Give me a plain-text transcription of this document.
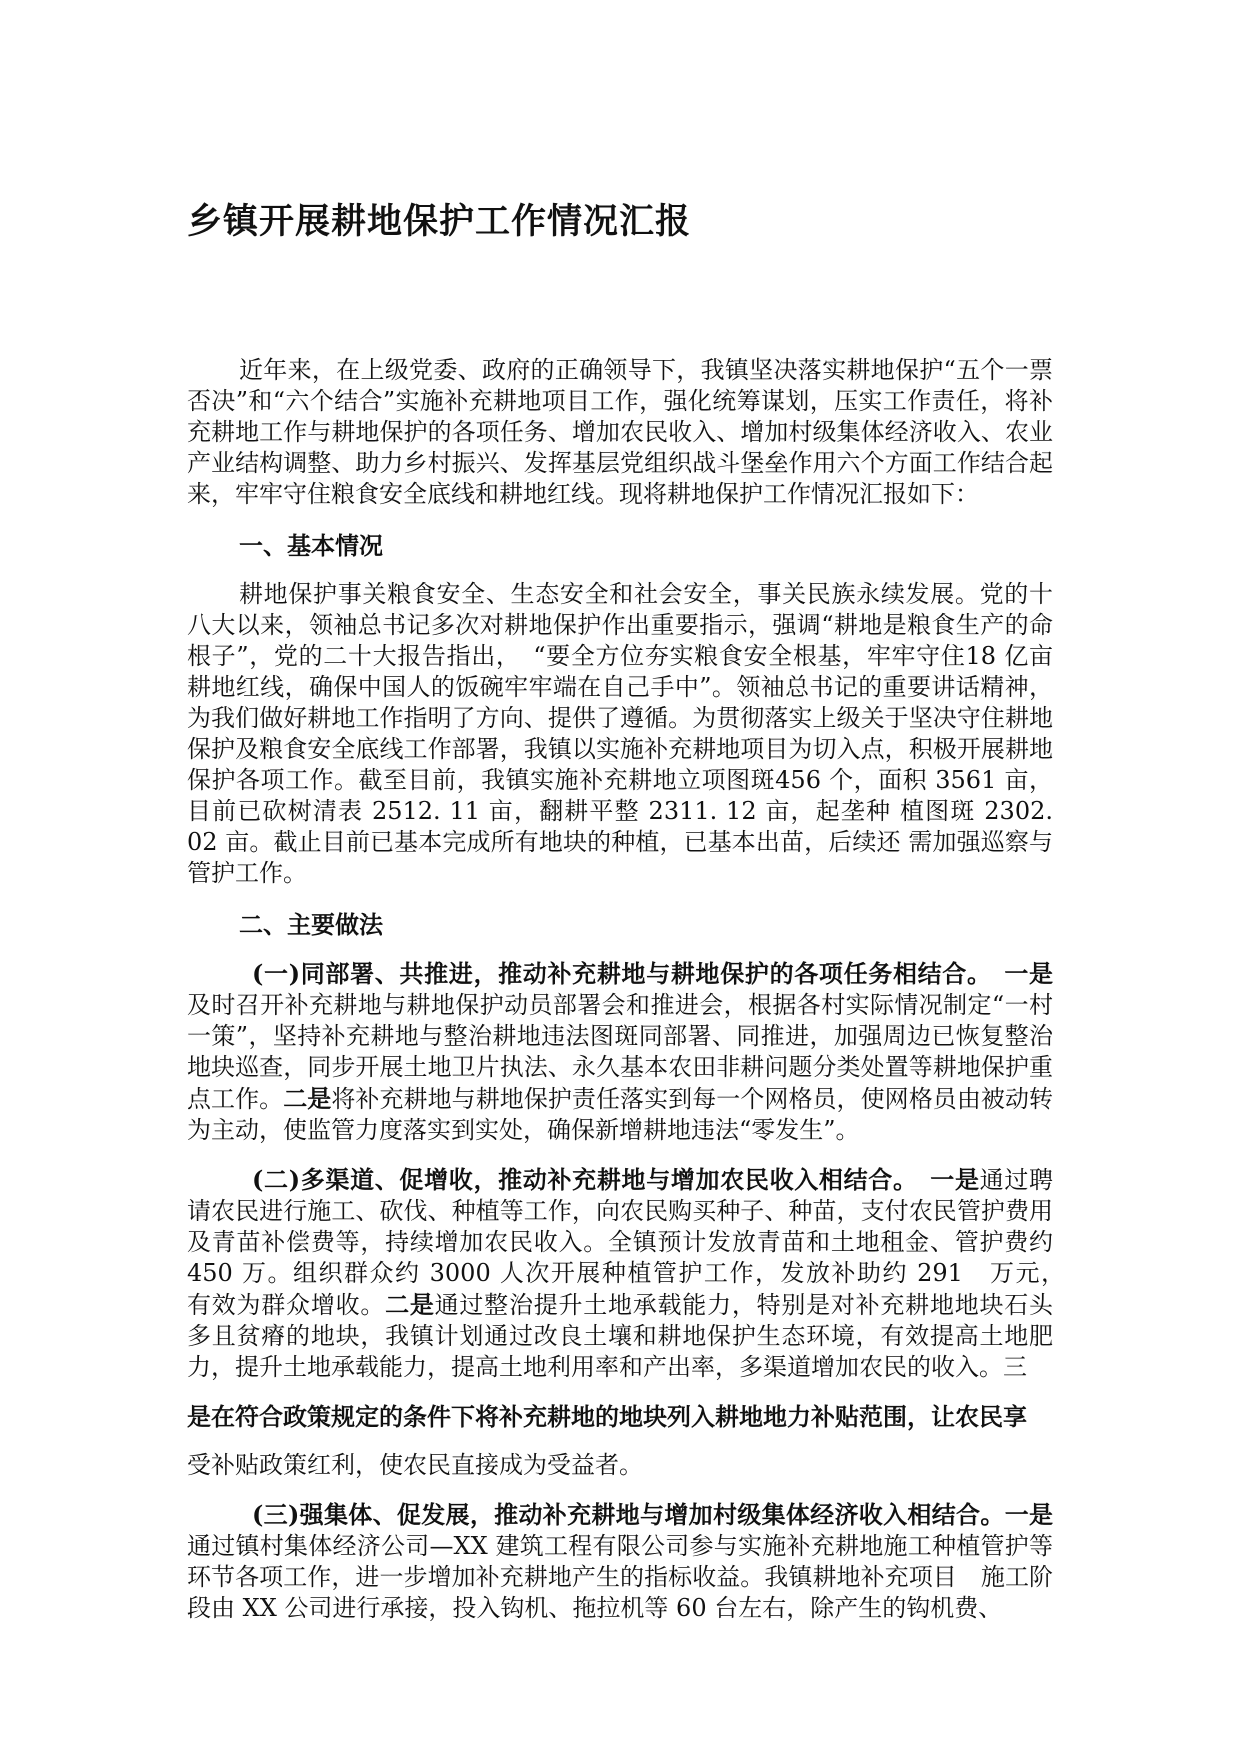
乡镇开展耕地保护工作情况汇报

近年来，在上级党委、政府的正确领导下，我镇坚决落实耕地保护“五个一票否决”和“六个结合”实施补充耕地项目工作，强化统筹谋划，压实工作责任，将补充耕地工作与耕地保护的各项任务、增加农民收入、增加村级集体经济收入、农业产业结构调整、助力乡村振兴、发挥基层党组织战斗堡垒作用六个方面工作结合起来，牢牢守住粮食安全底线和耕地红线。现将耕地保护工作情况汇报如下：

一、基本情况

耕地保护事关粮食安全、生态安全和社会安全，事关民族永续发展。党的十八大以来，领袖总书记多次对耕地保护作出重要指示，强调“耕地是粮食生产的命根子”，党的二十大报告指出，　“要全方位夯实粮食安全根基，牢牢守住18 亿亩耕地红线，确保中国人的饭碗牢牢端在自己手中”。领袖总书记的重要讲话精神，为我们做好耕地工作指明了方向、提供了遵循。为贯彻落实上级关于坚决守住耕地保护及粮食安全底线工作部署，我镇以实施补充耕地项目为切入点，积极开展耕地保护各项工作。截至目前，我镇实施补充耕地立项图斑456 个，面积 3561 亩，目前已砍树清表 2512. 11 亩，翻耕平整 2311. 12 亩，起垄种 植图斑 2302. 02 亩。截止目前已基本完成所有地块的种植，已基本出苗，后续还 需加强巡察与管护工作。

二、主要做法

(一)同部署、共推进，推动补充耕地与耕地保护的各项任务相结合。　一是及时召开补充耕地与耕地保护动员部署会和推进会，根据各村实际情况制定“一村一策”，坚持补充耕地与整治耕地违法图斑同部署、同推进，加强周边已恢复整治地块巡查，同步开展土地卫片执法、永久基本农田非耕问题分类处置等耕地保护重点工作。二是将补充耕地与耕地保护责任落实到每一个网格员，使网格员由被动转为主动，使监管力度落实到实处，确保新增耕地违法“零发生”。

(二)多渠道、促增收，推动补充耕地与增加农民收入相结合。　一是通过聘请农民进行施工、砍伐、种植等工作，向农民购买种子、种苗，支付农民管护费用及青苗补偿费等，持续增加农民收入。全镇预计发放青苗和土地租金、管护费约 450 万。组织群众约 3000 人次开展种植管护工作，发放补助约 291　万元，　有效为群众增收。二是通过整治提升土地承载能力，特别是对补充耕地地块石头　多且贫瘠的地块，我镇计划通过改良土壤和耕地保护生态环境，有效提高土地肥　力，提升土地承载能力，提高土地利用率和产出率，多渠道增加农民的收入。三

是在符合政策规定的条件下将补充耕地的地块列入耕地地力补贴范围，让农民享

受补贴政策红利，使农民直接成为受益者。

(三)强集体、促发展，推动补充耕地与增加村级集体经济收入相结合。一是通过镇村集体经济公司—XX 建筑工程有限公司参与实施补充耕地施工种植管护等环节各项工作，进一步增加补充耕地产生的指标收益。我镇耕地补充项目　施工阶段由 XX 公司进行承接，投入钩机、拖拉机等 60 台左右，除产生的钩机费、
